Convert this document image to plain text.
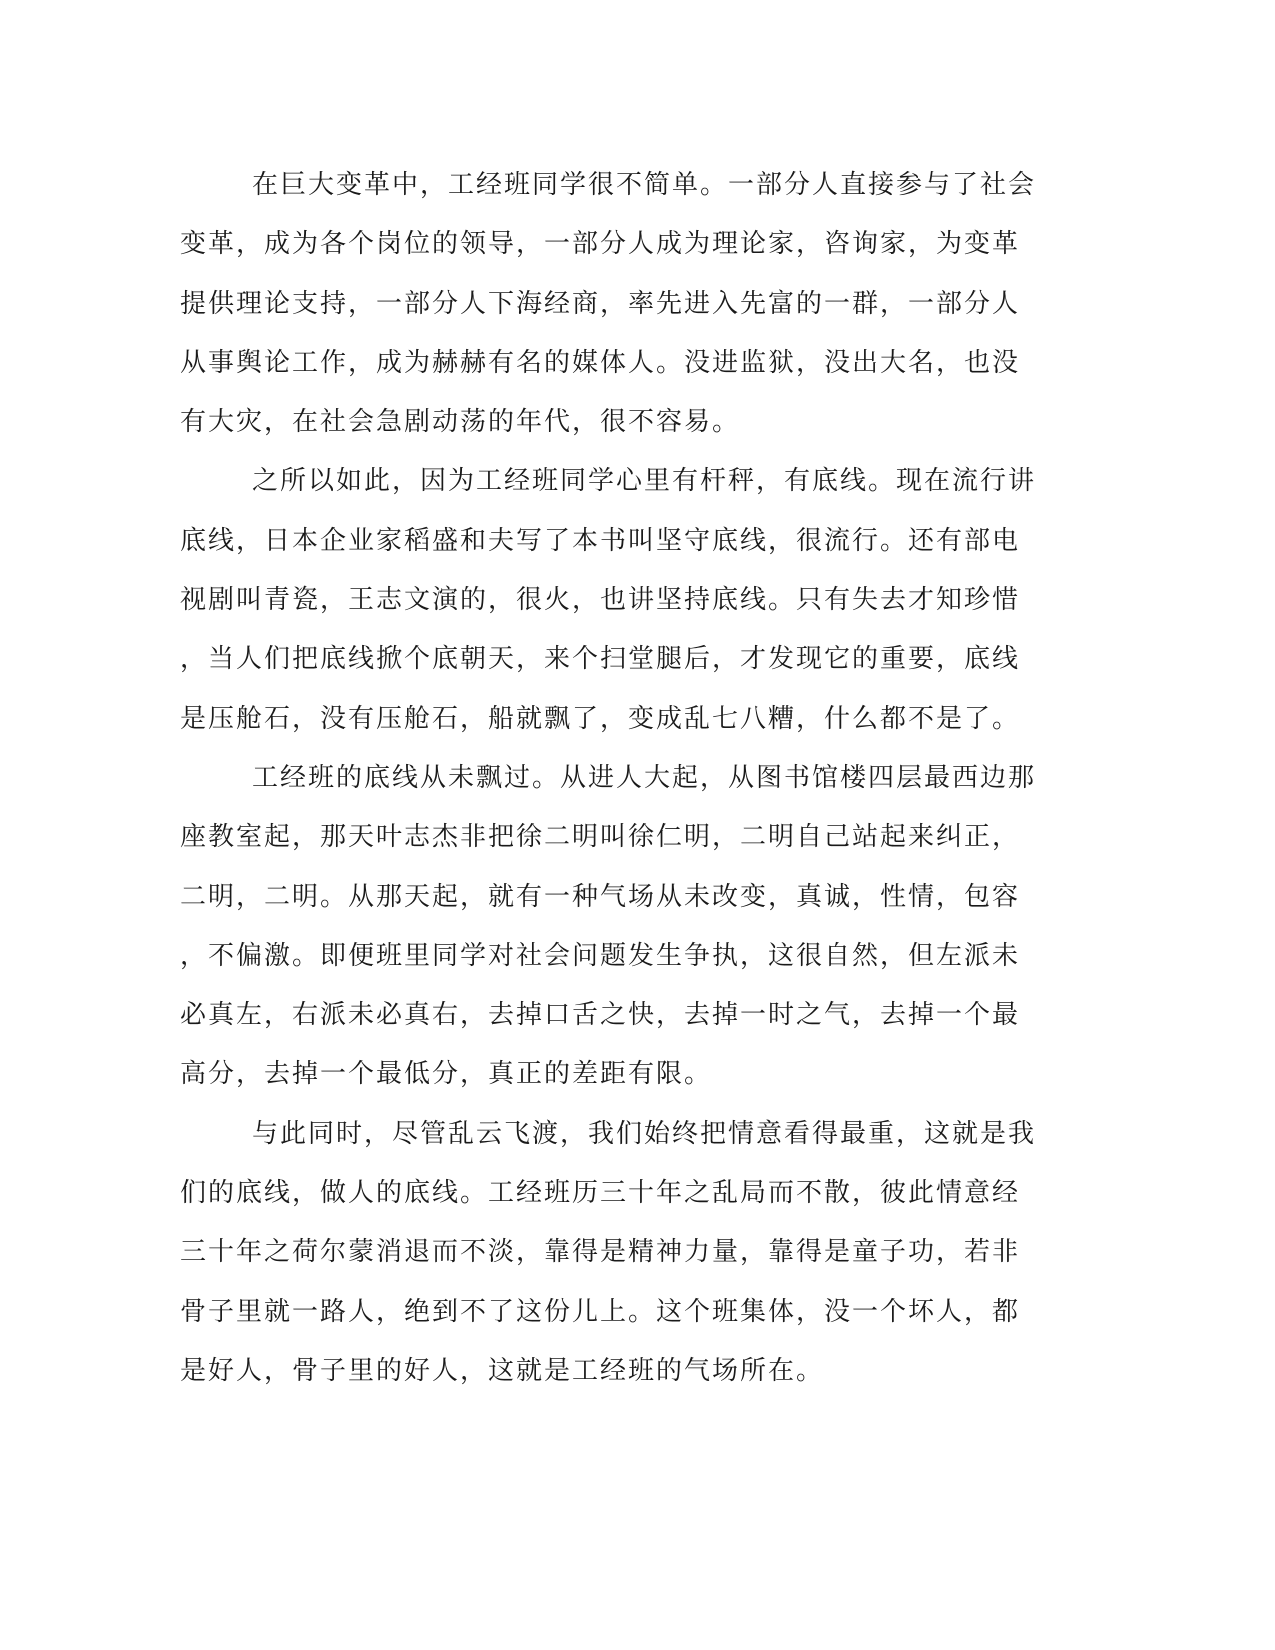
在巨大变革中，工经班同学很不简单。一部分人直接参与了社会
变革，成为各个岗位的领导，一部分人成为理论家，咨询家，为变革
提供理论支持，一部分人下海经商，率先进入先富的一群，一部分人
从事舆论工作，成为赫赫有名的媒体人。没进监狱，没出大名，也没
有大灾，在社会急剧动荡的年代，很不容易。
之所以如此，因为工经班同学心里有杆秤，有底线。现在流行讲
底线，日本企业家稻盛和夫写了本书叫坚守底线，很流行。还有部电
视剧叫青瓷，王志文演的，很火，也讲坚持底线。只有失去才知珍惜
，当人们把底线掀个底朝天，来个扫堂腿后，才发现它的重要，底线
是压舱石，没有压舱石，船就飘了，变成乱七八糟，什么都不是了。
工经班的底线从未飘过。从进人大起，从图书馆楼四层最西边那
座教室起，那天叶志杰非把徐二明叫徐仁明，二明自己站起来纠正，
二明，二明。从那天起，就有一种气场从未改变，真诚，性情，包容
，不偏激。即便班里同学对社会问题发生争执，这很自然，但左派未
必真左，右派未必真右，去掉口舌之快，去掉一时之气，去掉一个最
高分，去掉一个最低分，真正的差距有限。
与此同时，尽管乱云飞渡，我们始终把情意看得最重，这就是我
们的底线，做人的底线。工经班历三十年之乱局而不散，彼此情意经
三十年之荷尔蒙消退而不淡，靠得是精神力量，靠得是童子功，若非
骨子里就一路人，绝到不了这份儿上。这个班集体，没一个坏人，都
是好人，骨子里的好人，这就是工经班的气场所在。
